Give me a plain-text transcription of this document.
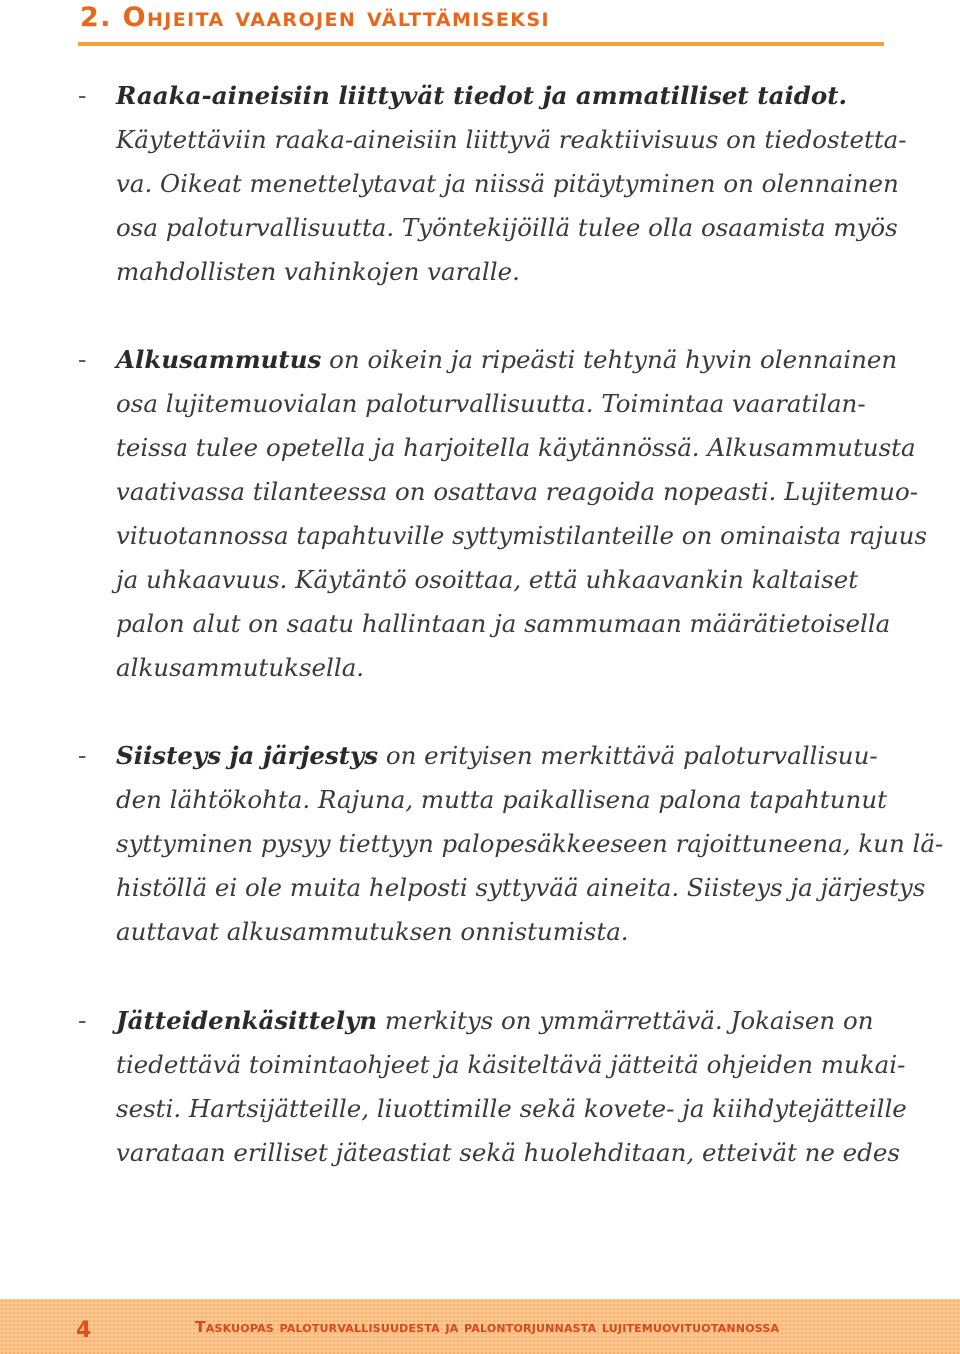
2. Ohjeita vaarojen välttämiseksi
- Raaka-aineisiin liittyvät tiedot ja ammatilliset taidot.
Käytettäviin raaka-aineisiin liittyvä reaktiivisuus on tiedostetta-
va. Oikeat menettelytavat ja niissä pitäytyminen on olennainen
osa paloturvallisuutta. Työntekijöillä tulee olla osaamista myös
mahdollisten vahinkojen varalle.
- Alkusammutus on oikein ja ripeästi tehtynä hyvin olennainen
osa lujitemuovialan paloturvallisuutta. Toimintaa vaaratilan-
teissa tulee opetella ja harjoitella käytännössä. Alkusammutusta
vaativassa tilanteessa on osattava reagoida nopeasti. Lujitemuo-
vituotannossa tapahtuville syttymistilanteille on ominaista rajuus
ja uhkaavuus. Käytäntö osoittaa, että uhkaavankin kaltaiset
palon alut on saatu hallintaan ja sammumaan määrätietoisella
alkusammutuksella.
- Siisteys ja järjestys on erityisen merkittävä paloturvallisuu-
den lähtökohta. Rajuna, mutta paikallisena palona tapahtunut
syttyminen pysyy tiettyyn palopesäkkeeseen rajoittuneena, kun lä-
histöllä ei ole muita helposti syttyvää aineita. Siisteys ja järjestys
auttavat alkusammutuksen onnistumista.
- Jätteidenkäsittelyn merkitys on ymmärrettävä. Jokaisen on
tiedettävä toimintaohjeet ja käsiteltävä jätteitä ohjeiden mukai-
sesti. Hartsijätteille, liuottimille sekä kovete- ja kiihdytejätteille
varataan erilliset jäteastiat sekä huolehditaan, etteivät ne edes
4	Taskuopas paloturvallisuudesta ja palontorjunnasta lujitemuovituotannossa
